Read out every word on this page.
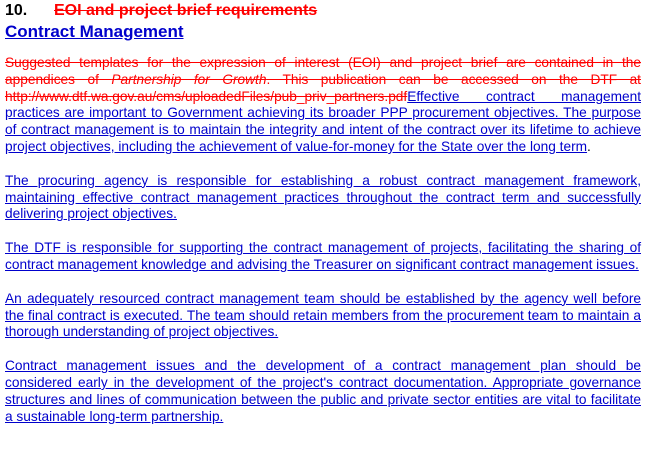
10. EOI and project brief requirements
Contract Management

Suggested templates for the expression of interest (EOI) and project brief are contained in the appendices of Partnership for Growth. This publication can be accessed on the DTF at http://www.dtf.wa.gov.au/cms/uploadedFiles/pub_priv_partners.pdfEffective contract management practices are important to Government achieving its broader PPP procurement objectives. The purpose of contract management is to maintain the integrity and intent of the contract over its lifetime to achieve project objectives, including the achievement of value-for-money for the State over the long term.

The procuring agency is responsible for establishing a robust contract management framework, maintaining effective contract management practices throughout the contract term and successfully delivering project objectives.

The DTF is responsible for supporting the contract management of projects, facilitating the sharing of contract management knowledge and advising the Treasurer on significant contract management issues.

An adequately resourced contract management team should be established by the agency well before the final contract is executed. The team should retain members from the procurement team to maintain a thorough understanding of project objectives.

Contract management issues and the development of a contract management plan should be considered early in the development of the project's contract documentation. Appropriate governance structures and lines of communication between the public and private sector entities are vital to facilitate a sustainable long-term partnership.
